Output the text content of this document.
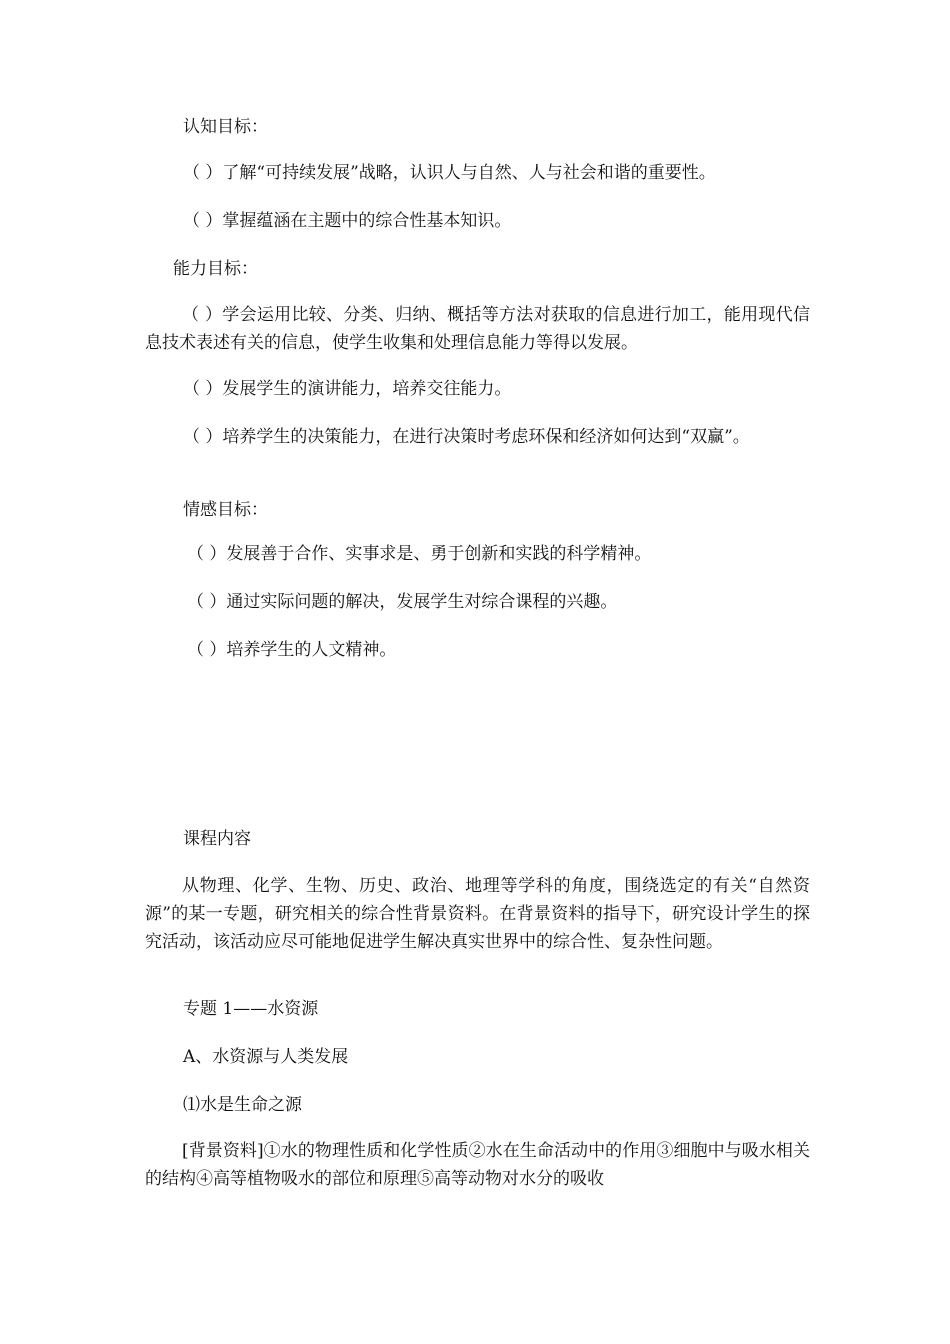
认知目标：

（ ）了解“可持续发展”战略，认识人与自然、人与社会和谐的重要性。

（ ）掌握蕴涵在主题中的综合性基本知识。

能力目标：

（ ）学会运用比较、分类、归纳、概括等方法对获取的信息进行加工，能用现代信息技术表述有关的信息，使学生收集和处理信息能力等得以发展。

（ ）发展学生的演讲能力，培养交往能力。

（ ）培养学生的决策能力，在进行决策时考虑环保和经济如何达到“双赢”。

情感目标：

（ ）发展善于合作、实事求是、勇于创新和实践的科学精神。

（ ）通过实际问题的解决，发展学生对综合课程的兴趣。

（ ）培养学生的人文精神。

课程内容

从物理、化学、生物、历史、政治、地理等学科的角度，围绕选定的有关“自然资源”的某一专题，研究相关的综合性背景资料。在背景资料的指导下，研究设计学生的探究活动，该活动应尽可能地促进学生解决真实世界中的综合性、复杂性问题。

专题 1——水资源

A、水资源与人类发展

⑴水是生命之源

[背景资料]①水的物理性质和化学性质②水在生命活动中的作用③细胞中与吸水相关的结构④高等植物吸水的部位和原理⑤高等动物对水分的吸收
